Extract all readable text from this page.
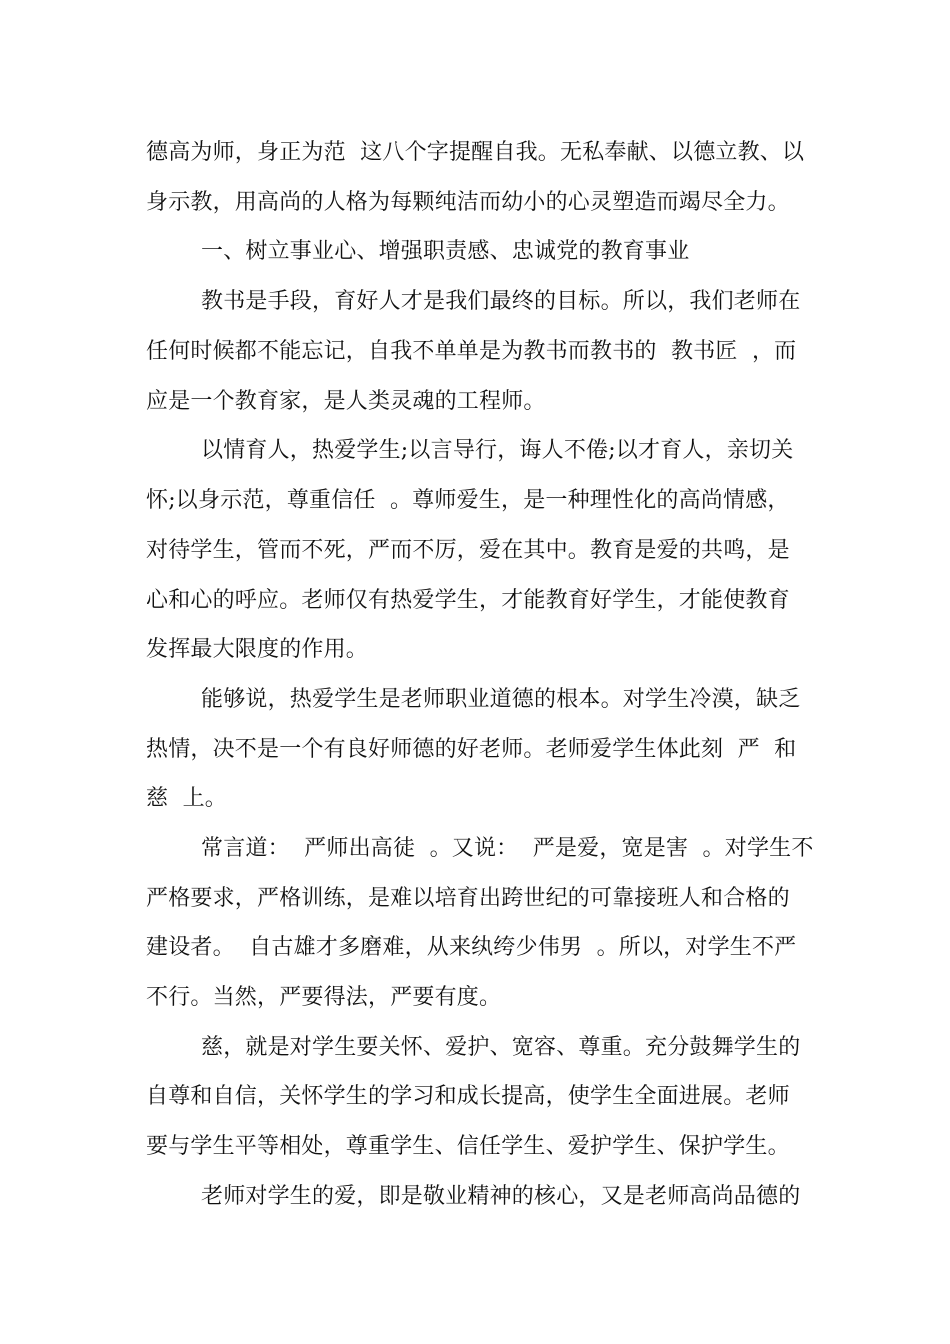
德高为师，身正为范  这八个字提醒自我。无私奉献、以德立教、以
身示教，用高尚的人格为每颗纯洁而幼小的心灵塑造而竭尽全力。
一、树立事业心、增强职责感、忠诚党的教育事业
教书是手段，育好人才是我们最终的目标。所以，我们老师在
任何时候都不能忘记，自我不单单是为教书而教书的  教书匠  ，而
应是一个教育家，是人类灵魂的工程师。
以情育人，热爱学生;以言导行，诲人不倦;以才育人，亲切关
怀;以身示范，尊重信任  。尊师爱生，是一种理性化的高尚情感，
对待学生，管而不死，严而不厉，爱在其中。教育是爱的共鸣，是
心和心的呼应。老师仅有热爱学生，才能教育好学生，才能使教育
发挥最大限度的作用。
能够说，热爱学生是老师职业道德的根本。对学生冷漠，缺乏
热情，决不是一个有良好师德的好老师。老师爱学生体此刻  严  和
慈  上。
常言道：  严师出高徒  。又说：  严是爱，宽是害  。对学生不
严格要求，严格训练，是难以培育出跨世纪的可靠接班人和合格的
建设者。  自古雄才多磨难，从来纨绔少伟男  。所以，对学生不严
不行。当然，严要得法，严要有度。
慈，就是对学生要关怀、爱护、宽容、尊重。充分鼓舞学生的
自尊和自信，关怀学生的学习和成长提高，使学生全面进展。老师
要与学生平等相处，尊重学生、信任学生、爱护学生、保护学生。
老师对学生的爱，即是敬业精神的核心，又是老师高尚品德的
